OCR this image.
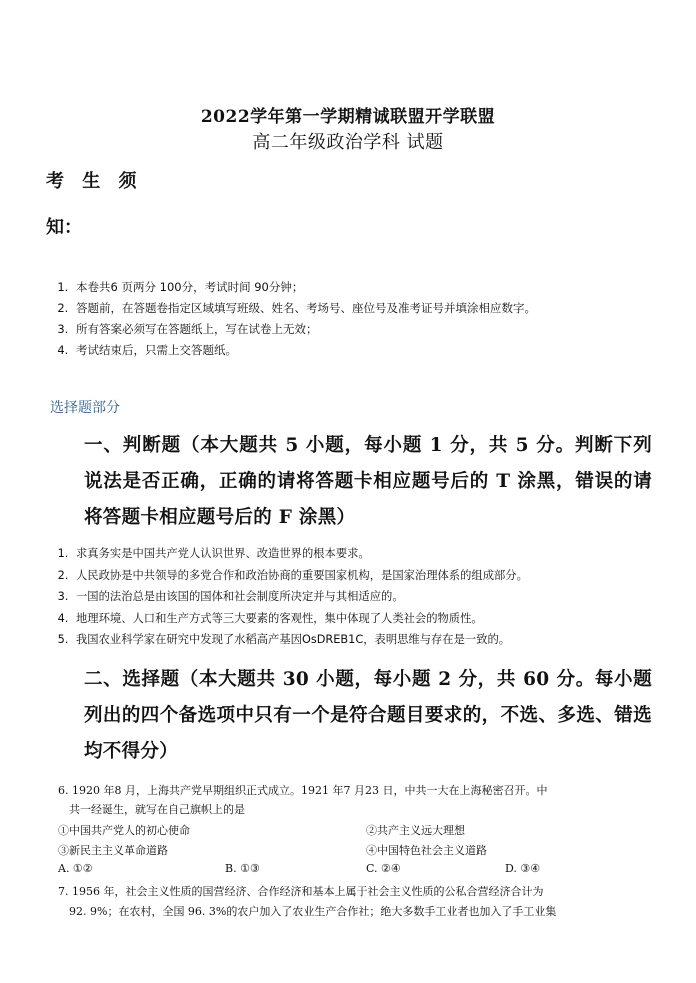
2022学年第一学期精诚联盟开学联盟
高二年级政治学科 试题
考 生 须
知：
1. 本卷共6 页两分 100分，考试时间 90分钟；
2. 答题前，在答题卷指定区域填写班级、姓名、考场号、座位号及准考证号并填涂相应数字。
3. 所有答案必须写在答题纸上，写在试卷上无效；
4. 考试结束后，只需上交答题纸。
选择题部分
一、判断题（本大题共 5 小题，每小题 1 分，共 5 分。判断下列说法是否正确，正确的请将答题卡相应题号后的 T 涂黑，错误的请将答题卡相应题号后的 F 涂黑）
1. 求真务实是中国共产党人认识世界、改造世界的根本要求。
2. 人民政协是中共领导的多党合作和政治协商的重要国家机构，是国家治理体系的组成部分。
3. 一国的法治总是由该国的国体和社会制度所决定并与其相适应的。
4. 地理环境、人口和生产方式等三大要素的客观性，集中体现了人类社会的物质性。
5. 我国农业科学家在研究中发现了水稻高产基因OsDREB1C，表明思维与存在是一致的。
二、选择题（本大题共 30 小题，每小题 2 分，共 60 分。每小题列出的四个备选项中只有一个是符合题目要求的，不选、多选、错选均不得分）
6. 1920 年8 月，上海共产党早期组织正式成立。1921 年7 月23 日，中共一大在上海秘密召开。中
共一经诞生，就写在自己旗帜上的是
①中国共产党人的初心使命	②共产主义远大理想
③新民主主义革命道路	④中国特色社会主义道路
A. ①②	B. ①③	C. ②④	D. ③④
7. 1956 年，社会主义性质的国营经济、合作经济和基本上属于社会主义性质的公私合营经济合计为
92. 9%；在农村，全国 96. 3%的农户加入了农业生产合作社；绝大多数手工业者也加入了手工业集
